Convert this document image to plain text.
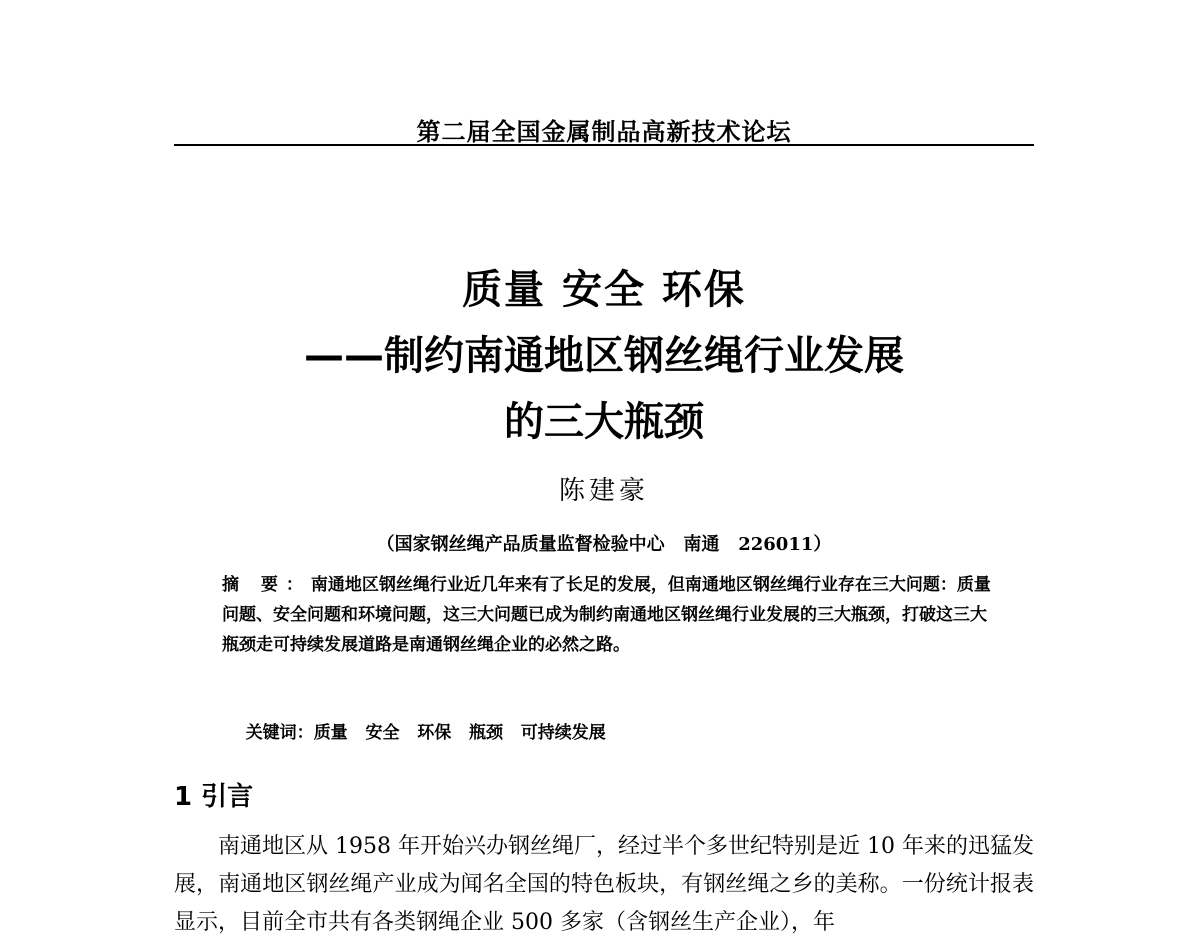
第二届全国金属制品高新技术论坛
质量 安全 环保
——制约南通地区钢丝绳行业发展
的三大瓶颈
陈建豪
（国家钢丝绳产品质量监督检验中心   南通   226011）
摘 要：南通地区钢丝绳行业近几年来有了长足的发展，但南通地区钢丝绳行业存在三大问题：质量问题、安全问题和环境问题，这三大问题已成为制约南通地区钢丝绳行业发展的三大瓶颈，打破这三大瓶颈走可持续发展道路是南通钢丝绳企业的必然之路。

关键词：质量   安全   环保   瓶颈   可持续发展

1 引言
南通地区从 1958 年开始兴办钢丝绳厂，经过半个多世纪特别是近 10 年来的迅猛发展，南通地区钢丝绳产业成为闻名全国的特色板块，有钢丝绳之乡的美称。一份统计报表显示，目前全市共有各类钢绳企业 500 多家（含钢丝生产企业），年
